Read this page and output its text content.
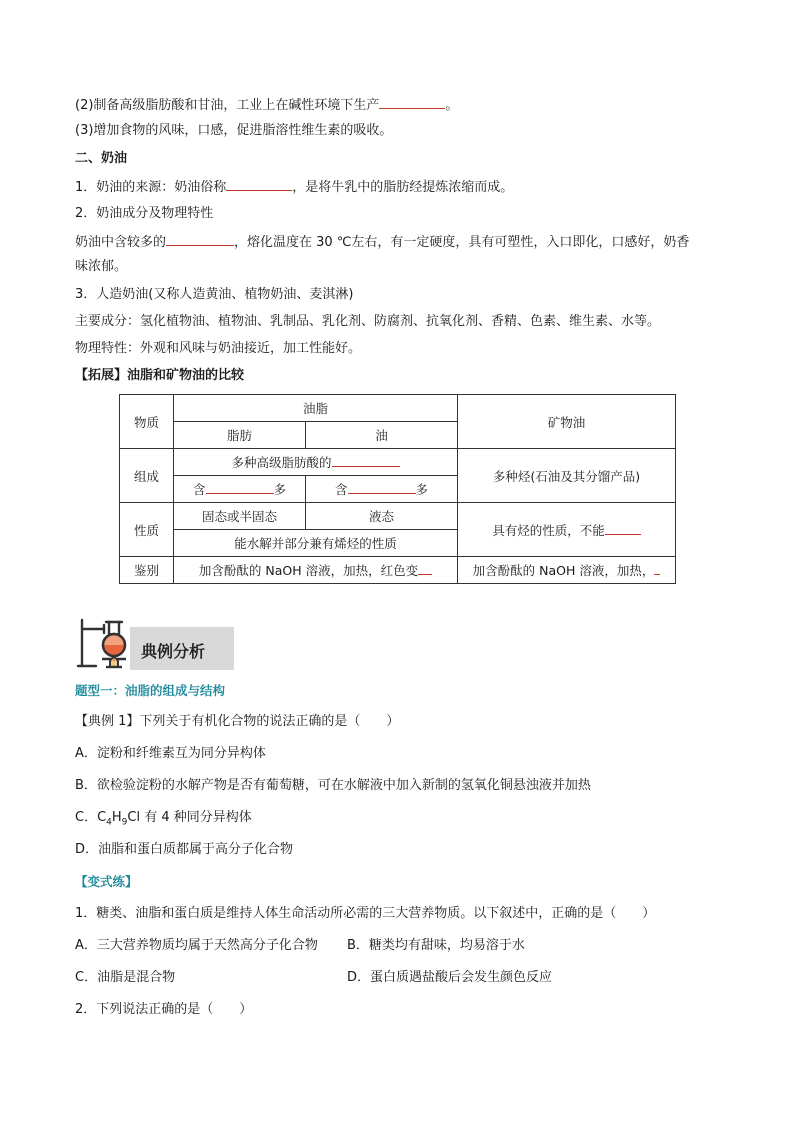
(2)制备高级脂肪酸和甘油，工业上在碱性环境下生产	。
(3)增加食物的风味，口感，促进脂溶性维生素的吸收。
二、奶油
1．奶油的来源：奶油俗称	，是将牛乳中的脂肪经提炼浓缩而成。
2．奶油成分及物理特性
奶油中含较多的	，熔化温度在 30 ℃左右，有一定硬度，具有可塑性，入口即化，口感好，奶香
味浓郁。
3．人造奶油(又称人造黄油、植物奶油、麦淇淋)
主要成分：氢化植物油、植物油、乳制品、乳化剂、防腐剂、抗氧化剂、香精、色素、维生素、水等。
物理特性：外观和风味与奶油接近，加工性能好。
【拓展】油脂和矿物油的比较
物质	油脂		矿物油
	脂肪	油	
组成	多种高级脂肪酸的		多种烃(石油及其分馏产品)
	含 多	含 多	
性质	固态或半固态	液态	具有烃的性质，不能
	能水解并部分兼有烯烃的性质		
鉴别	加含酚酞的 NaOH 溶液，加热，红色变		加含酚酞的 NaOH 溶液，加热，
典例分析
题型一：油脂的组成与结构
【典例 1】下列关于有机化合物的说法正确的是（　　）
A．淀粉和纤维素互为同分异构体
B．欲检验淀粉的水解产物是否有葡萄糖，可在水解液中加入新制的氢氧化铜悬浊液并加热
C．$C_4H_9Cl$ 有 4 种同分异构体
D．油脂和蛋白质都属于高分子化合物
【变式练】
1．糖类、油脂和蛋白质是维持人体生命活动所必需的三大营养物质。以下叙述中，正确的是（　　）
A．三大营养物质均属于天然高分子化合物 B．糖类均有甜味，均易溶于水
C．油脂是混合物	D．蛋白质遇盐酸后会发生颜色反应
2．下列说法正确的是（　　）
